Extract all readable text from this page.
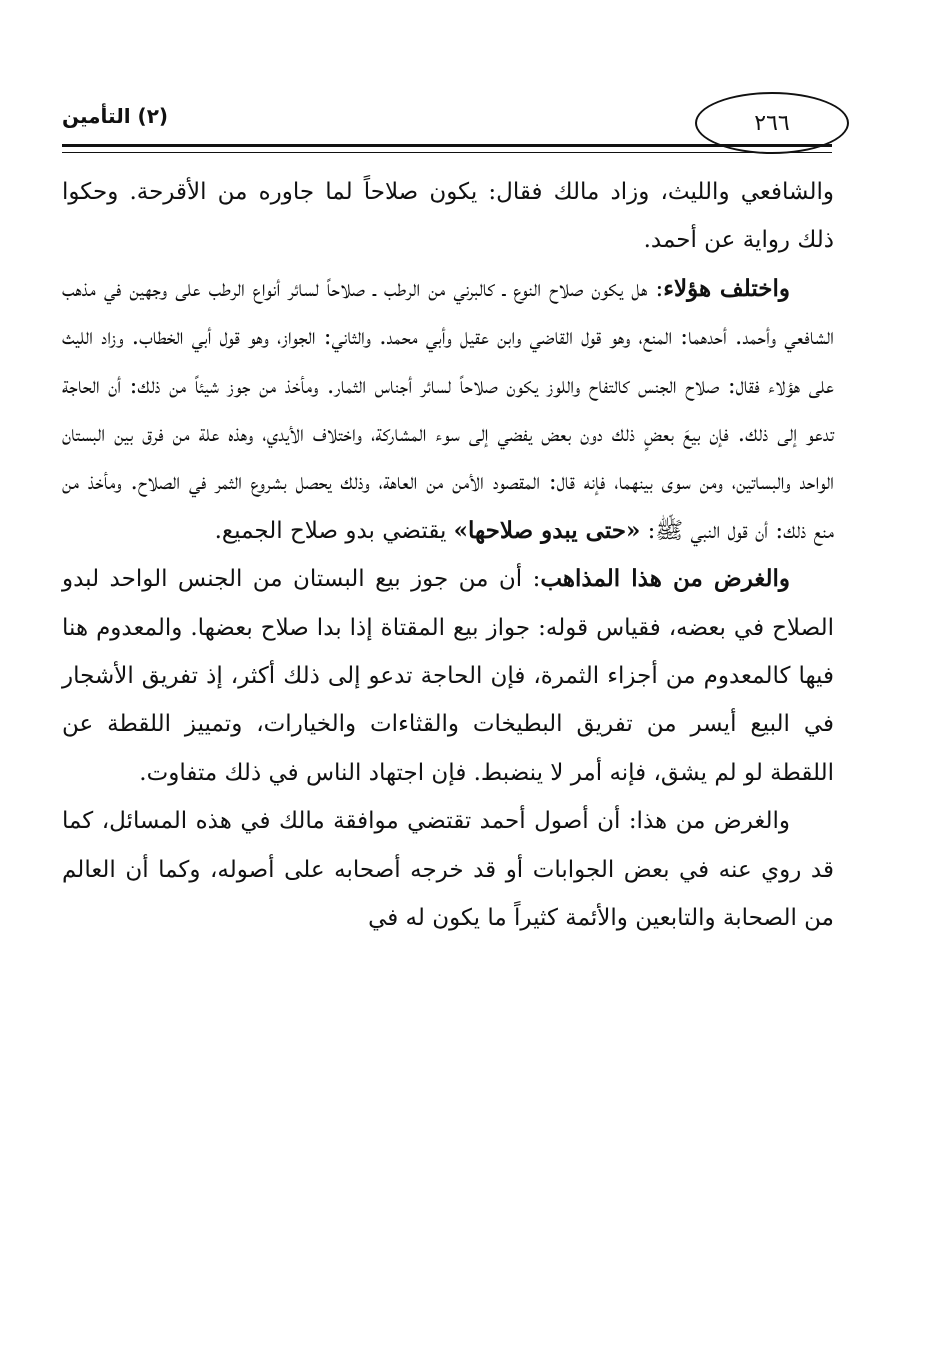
(٢) التأمين	٢٦٦

والشافعي والليث، وزاد مالك فقال: يكون صلاحاً لما جاوره من الأقرحة. وحكوا ذلك رواية عن أحمد.

واختلف هؤلاء: هل يكون صلاح النوع ـ كالبرني من الرطب ـ صلاحاً لسائر أنواع الرطب على وجهين في مذهب الشافعي وأحمد. أحدهما: المنع، وهو قول القاضي وابن عقيل وأبي محمد. والثاني: الجواز، وهو قول أبي الخطاب. وزاد الليث على هؤلاء فقال: صلاح الجنس كالتفاح واللوز يكون صلاحاً لسائر أجناس الثمار. ومأخذ من جوز شيئاً من ذلك: أن الحاجة تدعو إلى ذلك. فإن بيعَ بعضٍ ذلك دون بعض يفضي إلى سوء المشاركة، واختلاف الأيدي، وهذه علة من فرق بين البستان الواحد والبساتين، ومن سوى بينهما، فإنه قال: المقصود الأمن من العاهة، وذلك يحصل بشروع الثمر في الصلاح. ومأخذ من منع ذلك: أن قول النبي ﷺ: «حتى يبدو صلاحها» يقتضي بدو صلاح الجميع.

والغرض من هذا المذاهب: أن من جوز بيع البستان من الجنس الواحد لبدو الصلاح في بعضه، فقياس قوله: جواز بيع المقتاة إذا بدا صلاح بعضها. والمعدوم هنا فيها كالمعدوم من أجزاء الثمرة، فإن الحاجة تدعو إلى ذلك أكثر، إذ تفريق الأشجار في البيع أيسر من تفريق البطيخات والقثاءات والخيارات، وتمييز اللقطة عن اللقطة لو لم يشق، فإنه أمر لا ينضبط. فإن اجتهاد الناس في ذلك متفاوت.

والغرض من هذا: أن أصول أحمد تقتضي موافقة مالك في هذه المسائل، كما قد روي عنه في بعض الجوابات أو قد خرجه أصحابه على أصوله، وكما أن العالم من الصحابة والتابعين والأئمة كثيراً ما يكون له في
